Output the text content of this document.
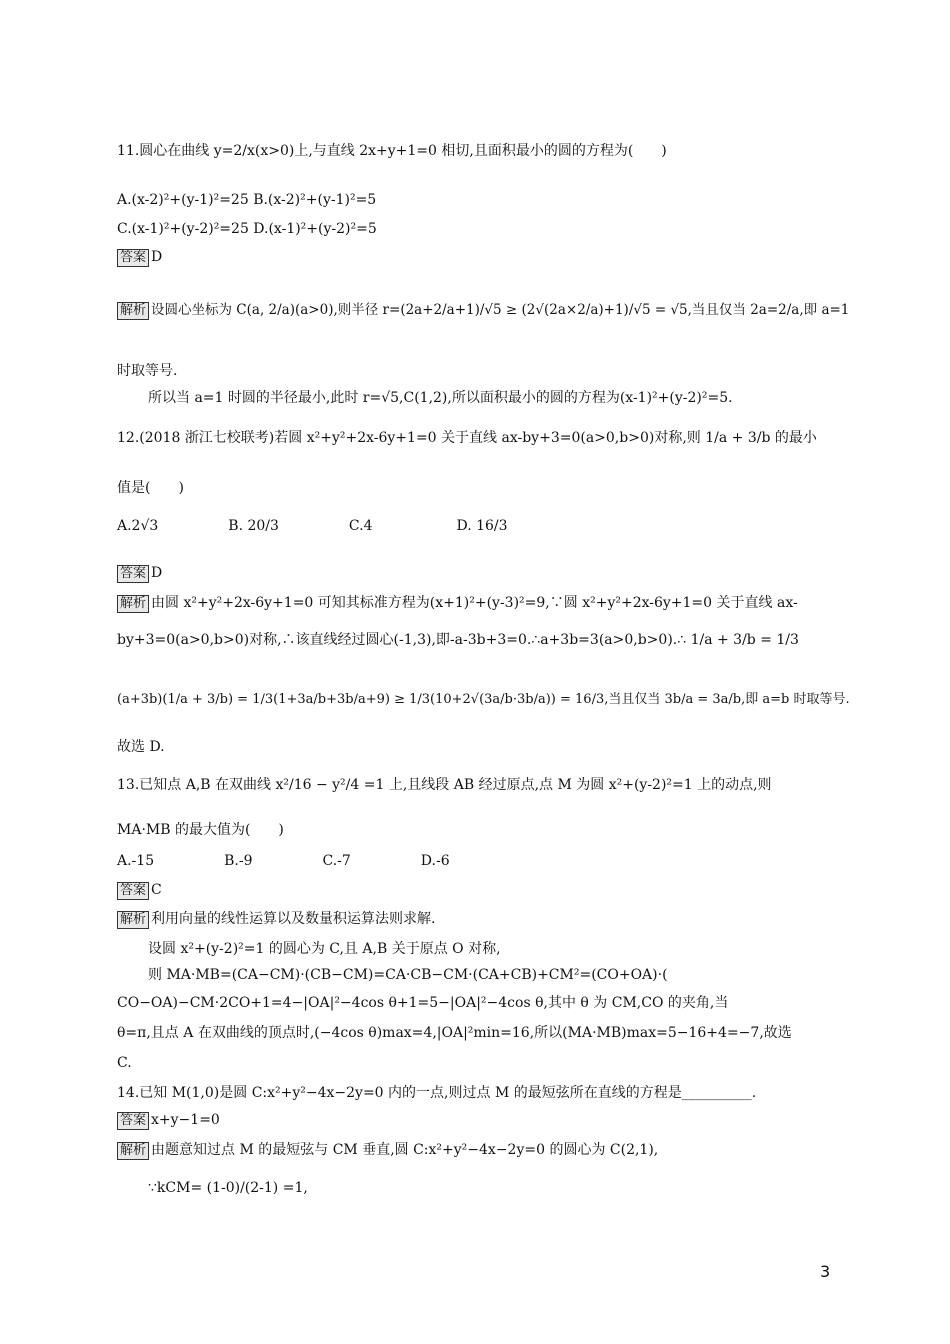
11.圆心在曲线 y=2/x(x>0)上,与直线 2x+y+1=0 相切,且面积最小的圆的方程为(　　)
A.(x-2)²+(y-1)²=25 B.(x-2)²+(y-1)²=5
C.(x-1)²+(y-2)²=25 D.(x-1)²+(y-2)²=5
答案 D
解析 设圆心坐标为 C(a, 2/a)(a>0),则半径 r=(2a+2/a+1)/√5 ≥ (2√(2a×2/a)+1)/√5 = √5,当且仅当 2a=2/a,即 a=1
时取等号.
所以当 a=1 时圆的半径最小,此时 r=√5,C(1,2),所以面积最小的圆的方程为(x-1)²+(y-2)²=5.
12.(2018 浙江七校联考)若圆 x²+y²+2x-6y+1=0 关于直线 ax-by+3=0(a>0,b>0)对称,则 1/a + 3/b 的最小
值是(　　)
A.2√3　　　　　B. 20/3　　　　　C.4　　　　　　D. 16/3
答案 D
解析 由圆 x²+y²+2x-6y+1=0 可知其标准方程为(x+1)²+(y-3)²=9,∵圆 x²+y²+2x-6y+1=0 关于直线 ax-
by+3=0(a>0,b>0)对称,∴该直线经过圆心(-1,3),即-a-3b+3=0.∴a+3b=3(a>0,b>0).∴ 1/a + 3/b = 1/3
(a+3b)(1/a + 3/b) = 1/3(1+3a/b+3b/a+9) ≥ 1/3(10+2√(3a/b·3b/a)) = 16/3,当且仅当 3b/a = 3a/b,即 a=b 时取等号.
故选 D.
13.已知点 A,B 在双曲线 x²/16 − y²/4 =1 上,且线段 AB 经过原点,点 M 为圆 x²+(y-2)²=1 上的动点,则
MA·MB 的最大值为(　　)
A.-15　　　　　B.-9　　　　　C.-7　　　　　D.-6
答案 C
解析 利用向量的线性运算以及数量积运算法则求解.
设圆 x²+(y-2)²=1 的圆心为 C,且 A,B 关于原点 O 对称,
则 MA·MB=(CA−CM)·(CB−CM)=CA·CB−CM·(CA+CB)+CM²=(CO+OA)·(
CO−OA)−CM·2CO+1=4−|OA|²−4cos θ+1=5−|OA|²−4cos θ,其中 θ 为 CM,CO 的夹角,当
θ=π,且点 A 在双曲线的顶点时,(−4cos θ)max=4,|OA|²min=16,所以(MA·MB)max=5−16+4=−7,故选
C.
14.已知 M(1,0)是圆 C:x²+y²−4x−2y=0 内的一点,则过点 M 的最短弦所在直线的方程是__________.
答案 x+y−1=0
解析 由题意知过点 M 的最短弦与 CM 垂直,圆 C:x²+y²−4x−2y=0 的圆心为 C(2,1),
∵kCM= (1-0)/(2-1) =1,
3
